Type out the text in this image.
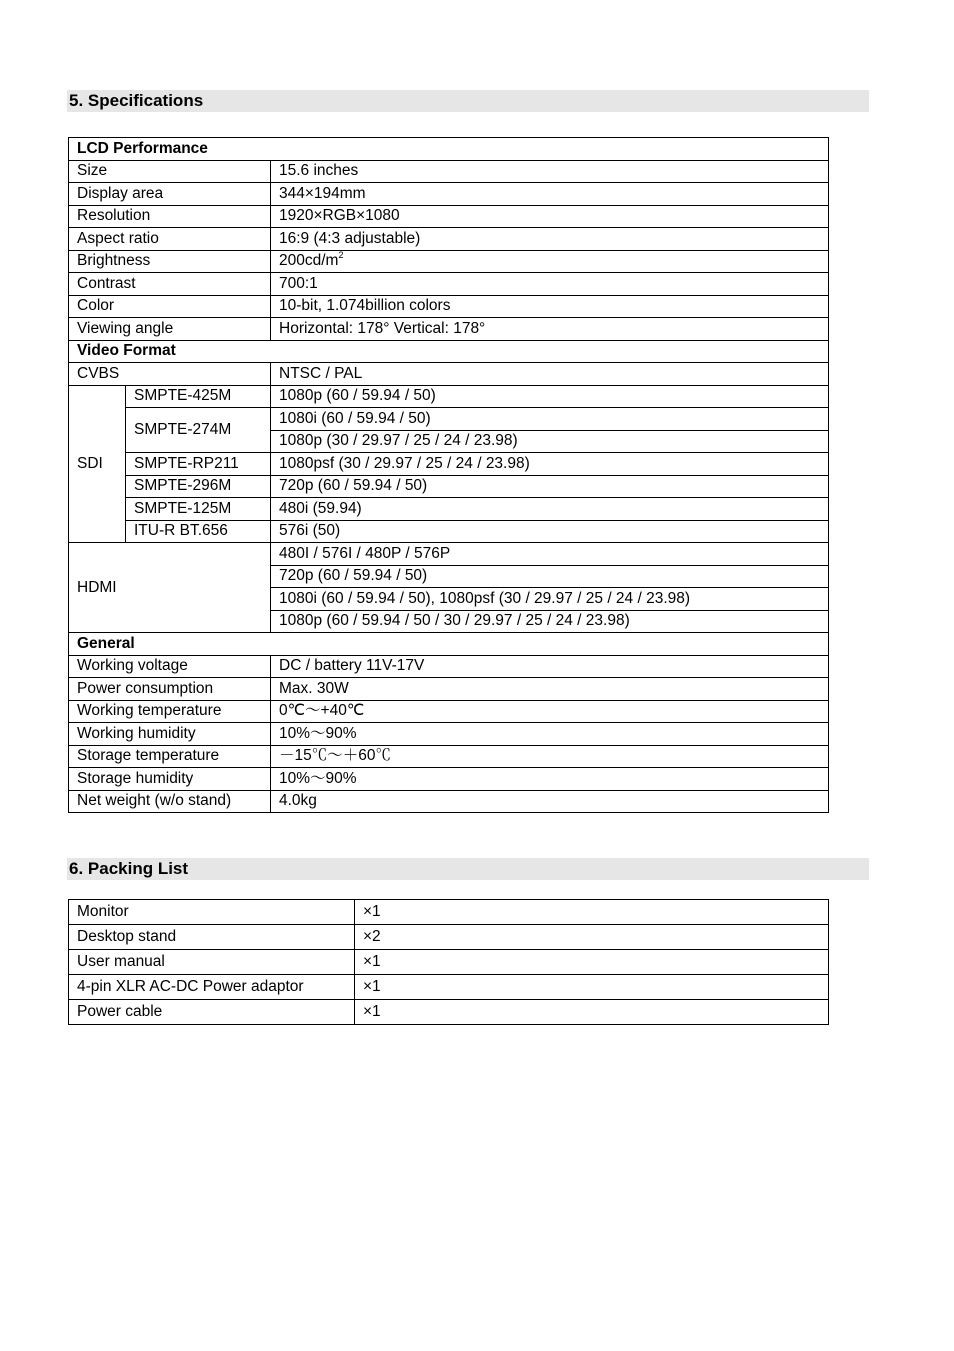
5. Specifications
LCD Performance		
Size		15.6 inches
Display area		344×194mm
Resolution		1920×RGB×1080
Aspect ratio		16:9 (4:3 adjustable)
Brightness		$200cd/m^2$
Contrast		700:1
Color		10-bit, 1.074billion colors
Viewing angle		Horizontal: 178° Vertical: 178°
Video Format		
CVBS		NTSC / PAL
SDI	SMPTE-425M	1080p (60 / 59.94 / 50)
	SMPTE-274M	1080i (60 / 59.94 / 50)
		1080p (30 / 29.97 / 25 / 24 / 23.98)
	SMPTE-RP211	1080psf (30 / 29.97 / 25 / 24 / 23.98)
	SMPTE-296M	720p (60 / 59.94 / 50)
	SMPTE-125M	480i (59.94)
	ITU-R BT.656	576i (50)
HDMI		480I / 576I / 480P / 576P
		720p (60 / 59.94 / 50)
		1080i (60 / 59.94 / 50), 1080psf (30 / 29.97 / 25 / 24 / 23.98)
		1080p (60 / 59.94 / 50 / 30 / 29.97 / 25 / 24 / 23.98)
General		
Working voltage		DC / battery 11V-17V
Power consumption		Max. 30W
Working temperature		0℃～+40℃
Working humidity		10%～90%
Storage temperature		－15℃～＋60℃
Storage humidity		10%～90%
Net weight (w/o stand)		4.0kg
6. Packing List
Monitor	×1
Desktop stand	×2
User manual	×1
4-pin XLR AC-DC Power adaptor	×1
Power cable	×1
